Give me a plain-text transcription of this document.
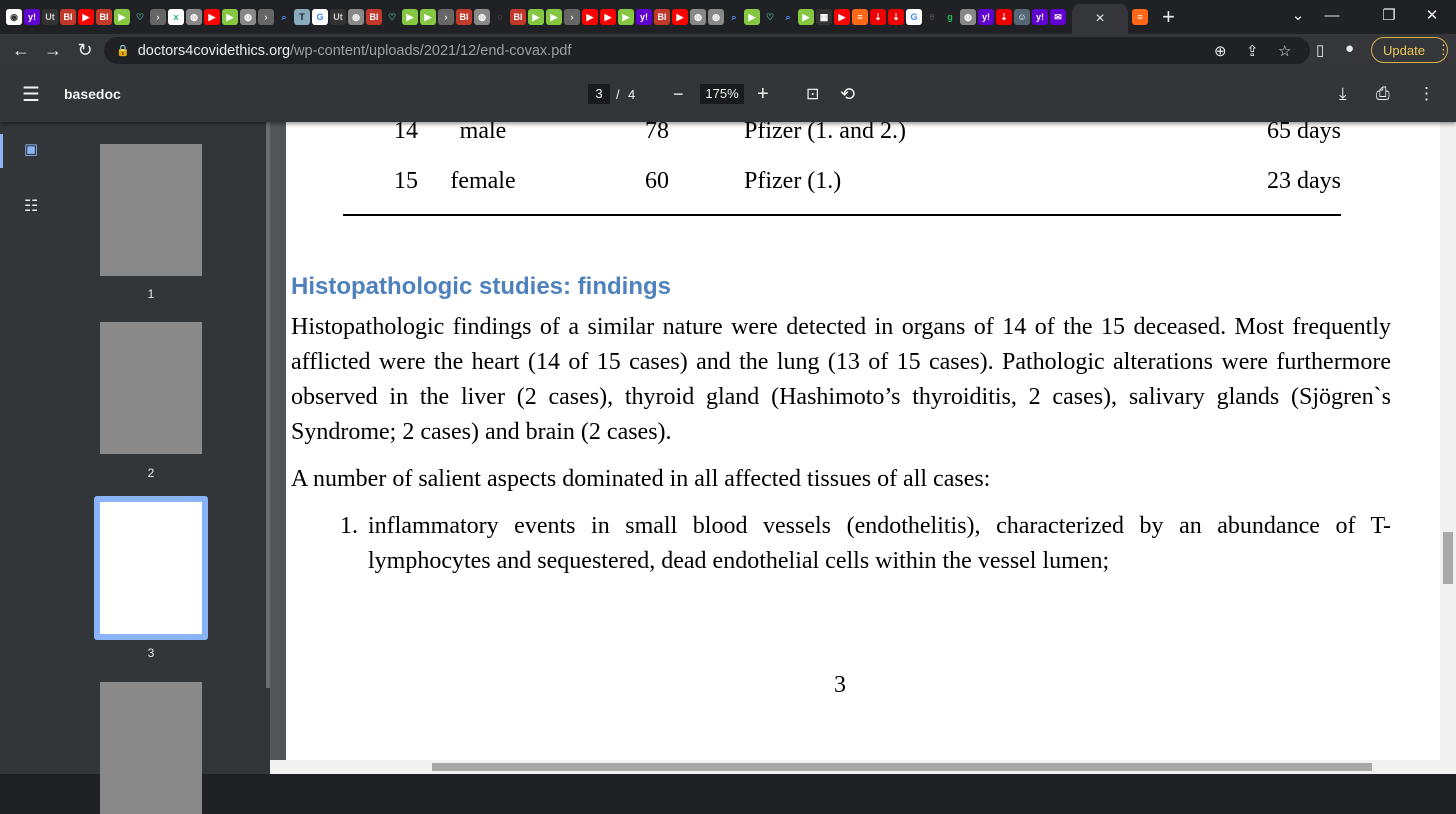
◉	y!	Ut BI	▶	BI	▶	♡	›	x	◍	▶	▶	◍	›	⌕	T	G	Ut	◍	BI	♡	▶	▶	›	BI	◍	○	BI	▶	▶	›	▶	▶	▶	y!	BI	▶	◍	◍	⌕	▶	♡	⌕	▶	▦	▶	≡	⇣	⇣	G	θ	g	◍	y!	⇣	☺	y!	✉	×	≡ +	⌄	—	❐	✕
← → ↻	🔒 doctors4covidethics.org /wp-content/uploads/2021/12/end-covax.pdf	⊕ ⇪ ☆ ▯ ● Update ⋮
☰ basedoc	3	/ 4 −	175% + ⊡ ⟲	⤓ ⎙ ⋮
▣
☷
1
2
3
14	male	78	Pfizer (1. and 2.)	65 days
15	female	60	Pfizer (1.)	23 days
Histopathologic studies: findings

Histopathologic findings of a similar nature were detected in organs of 14 of the 15 deceased. Most frequently afflicted were the heart (14 of 15 cases) and the lung (13 of 15 cases). Pathologic alterations were furthermore observed in the liver (2 cases), thyroid gland (Hashimoto’s thyroiditis, 2 cases), salivary glands (Sjögren`s Syndrome; 2 cases) and brain (2 cases).

A number of salient aspects dominated in all affected tissues of all cases:

1. inflammatory events in small blood vessels (endothelitis), characterized by an abundance of T-lymphocytes and sequestered, dead endothelial cells within the vessel lumen;

3
